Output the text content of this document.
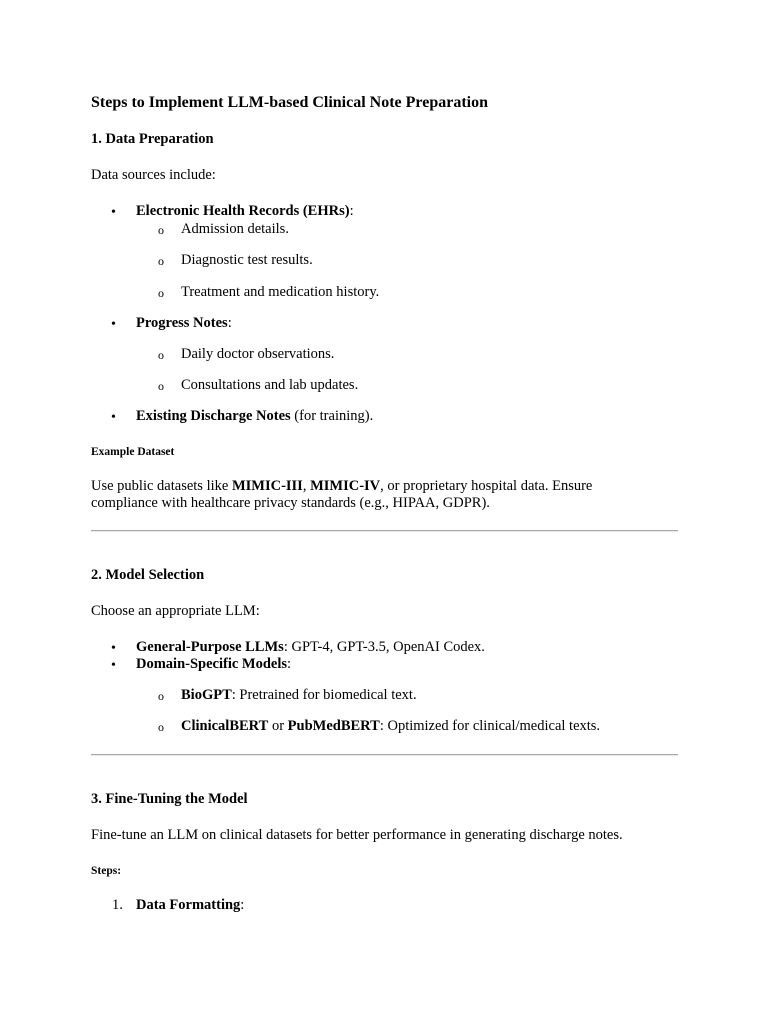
Steps to Implement LLM-based Clinical Note Preparation
1. Data Preparation
Data sources include:
• Electronic Health Records (EHRs):
o Admission details.
o Diagnostic test results.
o Treatment and medication history.
• Progress Notes:
o Daily doctor observations.
o Consultations and lab updates.
• Existing Discharge Notes (for training).
Example Dataset
Use public datasets like MIMIC-III, MIMIC-IV, or proprietary hospital data. Ensure compliance with healthcare privacy standards (e.g., HIPAA, GDPR).
2. Model Selection
Choose an appropriate LLM:
• General-Purpose LLMs: GPT-4, GPT-3.5, OpenAI Codex.
• Domain-Specific Models:
o BioGPT: Pretrained for biomedical text.
o ClinicalBERT or PubMedBERT: Optimized for clinical/medical texts.
3. Fine-Tuning the Model
Fine-tune an LLM on clinical datasets for better performance in generating discharge notes.
Steps:
1. Data Formatting:
